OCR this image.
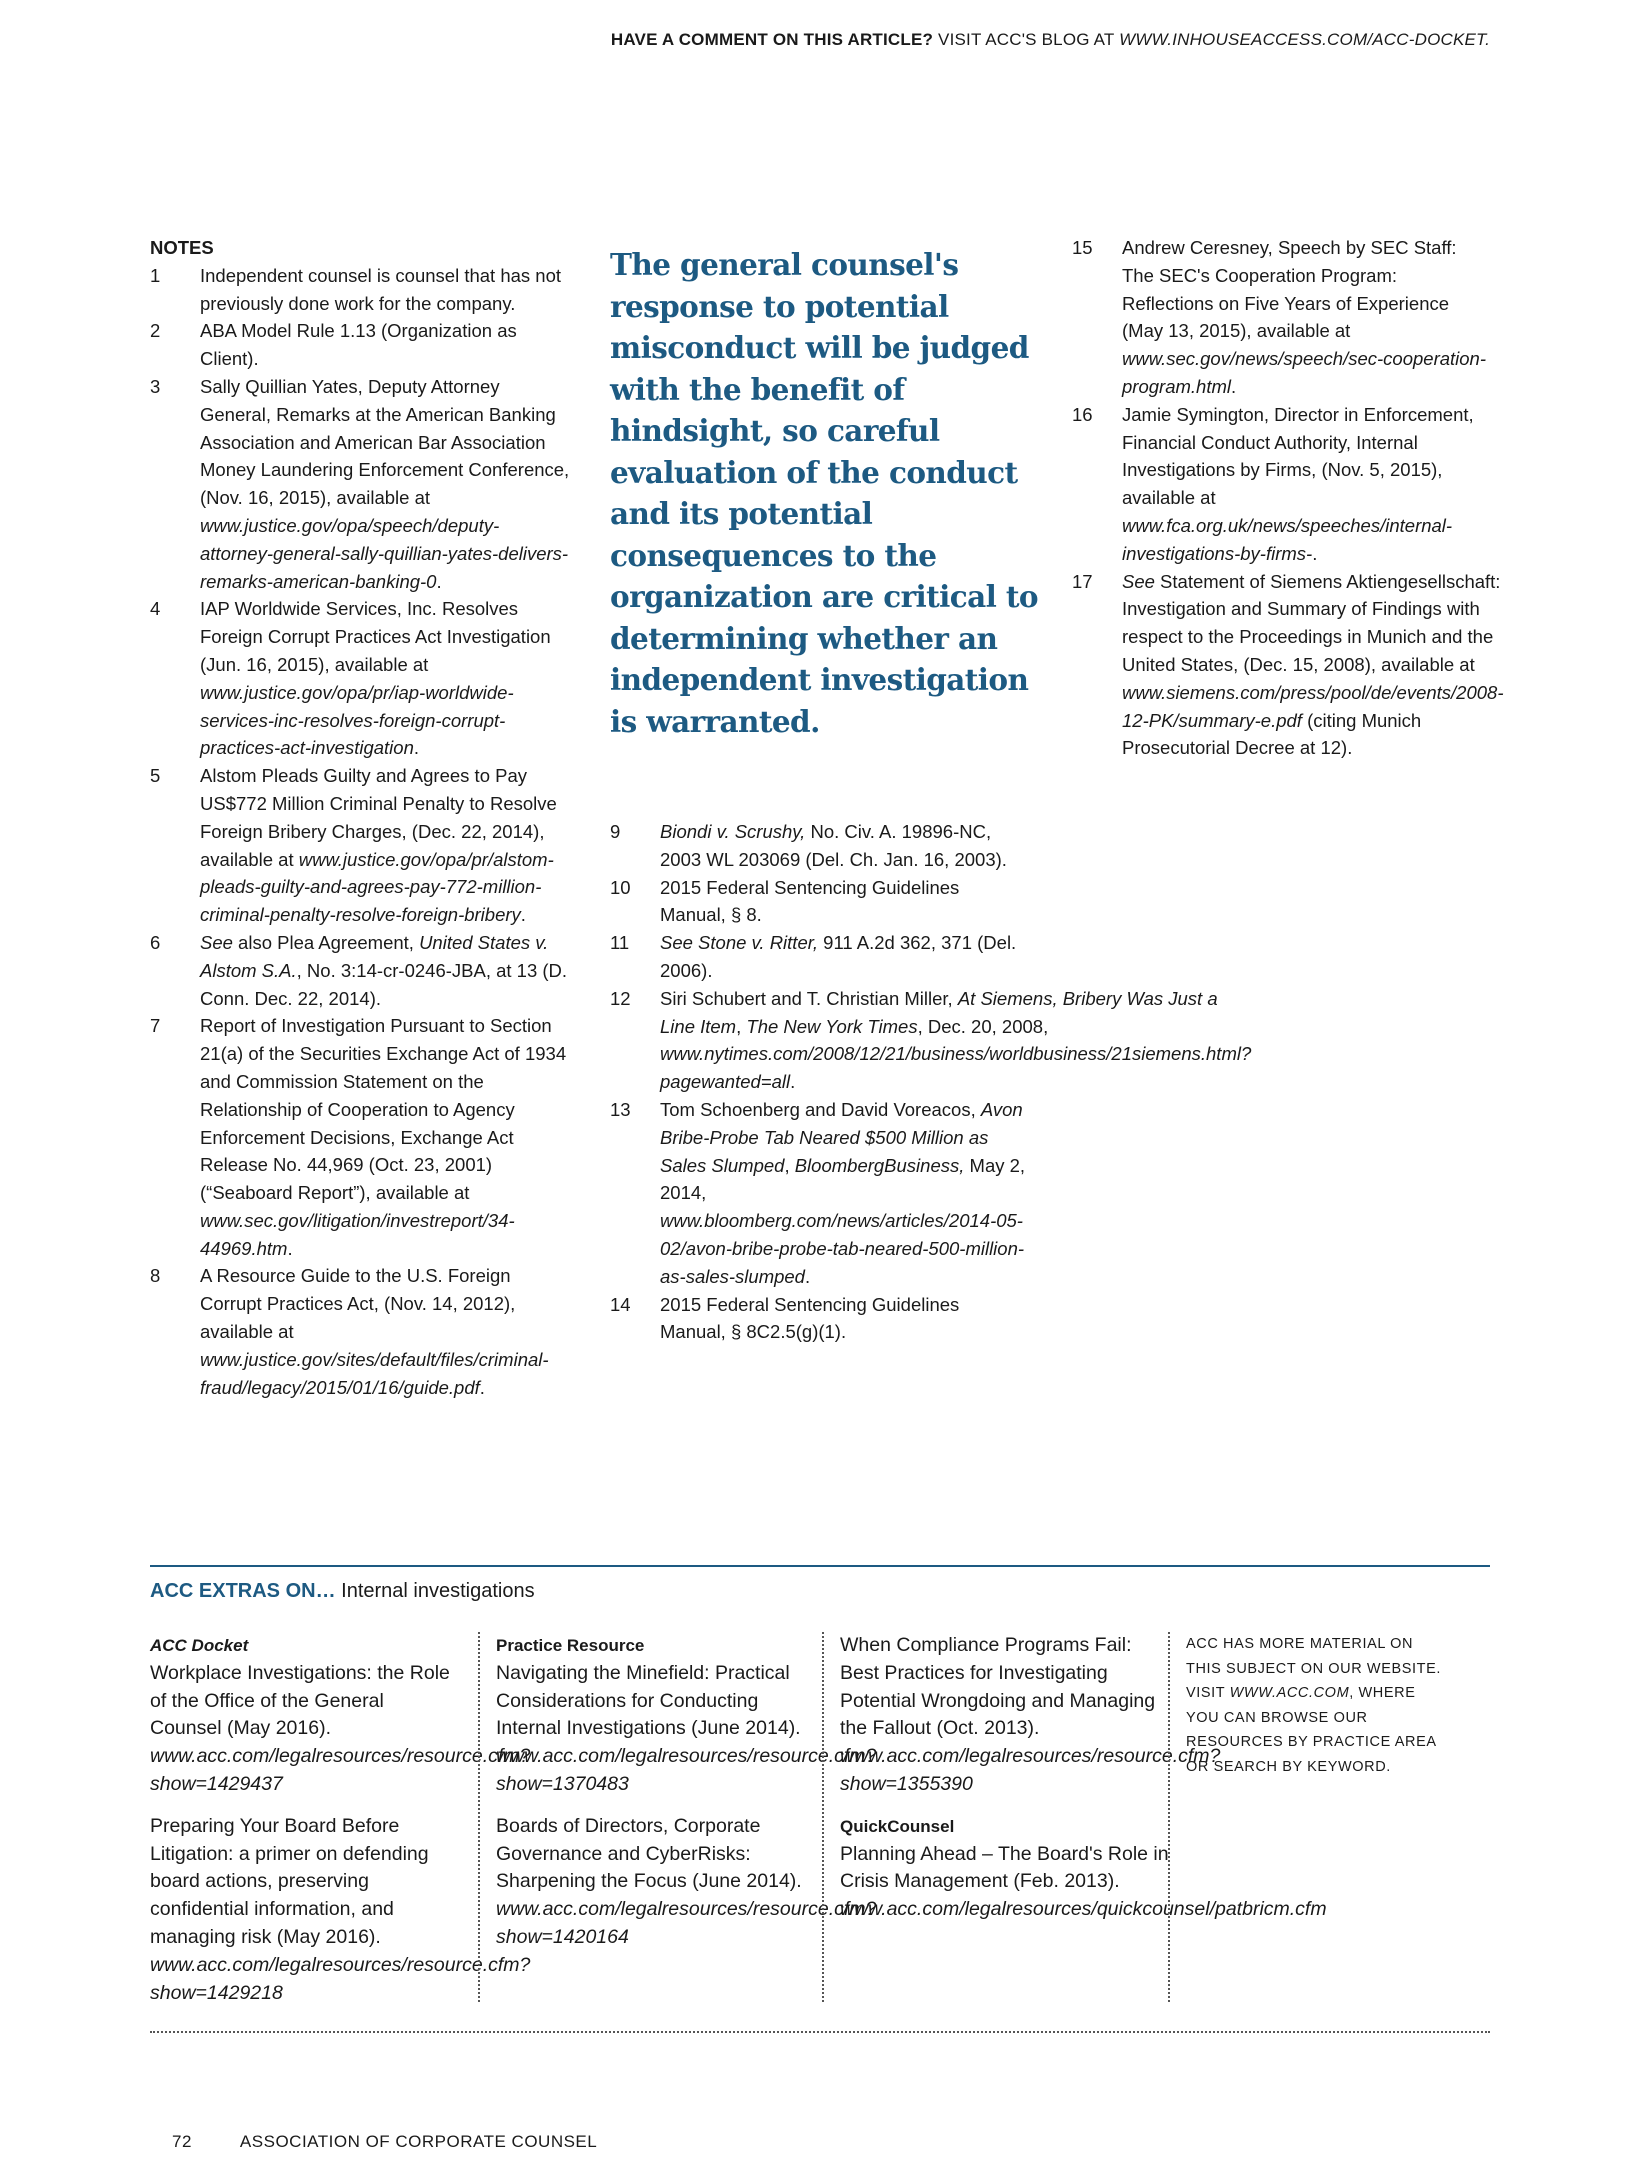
HAVE A COMMENT ON THIS ARTICLE? VISIT ACC'S BLOG AT WWW.INHOUSEACCESS.COM/ACC-DOCKET.
NOTES
1	Independent counsel is counsel that has not previously done work for the company.
2	ABA Model Rule 1.13 (Organization as Client).
3	Sally Quillian Yates, Deputy Attorney General, Remarks at the American Banking Association and American Bar Association Money Laundering Enforcement Conference, (Nov. 16, 2015), available at www.justice.gov/opa/speech/deputy-attorney-general-sally-quillian-yates-delivers-remarks-american-banking-0.
4	IAP Worldwide Services, Inc. Resolves Foreign Corrupt Practices Act Investigation (Jun. 16, 2015), available at www.justice.gov/opa/pr/iap-worldwide-services-inc-resolves-foreign-corrupt-practices-act-investigation.
5	Alstom Pleads Guilty and Agrees to Pay US$772 Million Criminal Penalty to Resolve Foreign Bribery Charges, (Dec. 22, 2014), available at www.justice.gov/opa/pr/alstom-pleads-guilty-and-agrees-pay-772-million-criminal-penalty-resolve-foreign-bribery.
6	See also Plea Agreement, United States v. Alstom S.A., No. 3:14-cr-0246-JBA, at 13 (D. Conn. Dec. 22, 2014).
7	Report of Investigation Pursuant to Section 21(a) of the Securities Exchange Act of 1934 and Commission Statement on the Relationship of Cooperation to Agency Enforcement Decisions, Exchange Act Release No. 44,969 (Oct. 23, 2001) (“Seaboard Report”), available at www.sec.gov/litigation/investreport/34-44969.htm.
8	A Resource Guide to the U.S. Foreign Corrupt Practices Act, (Nov. 14, 2012), available at www.justice.gov/sites/default/files/criminal-fraud/legacy/2015/01/16/guide.pdf.
The general counsel's response to potential misconduct will be judged with the benefit of hindsight, so careful evaluation of the conduct and its potential consequences to the organization are critical to determining whether an independent investigation is warranted.
9	Biondi v. Scrushy, No. Civ. A. 19896-NC, 2003 WL 203069 (Del. Ch. Jan. 16, 2003).
10	2015 Federal Sentencing Guidelines Manual, § 8.
11	See Stone v. Ritter, 911 A.2d 362, 371 (Del. 2006).
12	Siri Schubert and T. Christian Miller, At Siemens, Bribery Was Just a Line Item, The New York Times, Dec. 20, 2008, www.nytimes.com/2008/12/21/business/worldbusiness/21siemens.html?pagewanted=all.
13	Tom Schoenberg and David Voreacos, Avon Bribe-Probe Tab Neared $500 Million as Sales Slumped, BloombergBusiness, May 2, 2014, www.bloomberg.com/news/articles/2014-05-02/avon-bribe-probe-tab-neared-500-million-as-sales-slumped.
14	2015 Federal Sentencing Guidelines Manual, § 8C2.5(g)(1).
15	Andrew Ceresney, Speech by SEC Staff: The SEC's Cooperation Program: Reflections on Five Years of Experience (May 13, 2015), available at www.sec.gov/news/speech/sec-cooperation-program.html.
16	Jamie Symington, Director in Enforcement, Financial Conduct Authority, Internal Investigations by Firms, (Nov. 5, 2015), available at www.fca.org.uk/news/speeches/internal-investigations-by-firms-.
17	See Statement of Siemens Aktiengesellschaft: Investigation and Summary of Findings with respect to the Proceedings in Munich and the United States, (Dec. 15, 2008), available at www.siemens.com/press/pool/de/events/2008-12-PK/summary-e.pdf (citing Munich Prosecutorial Decree at 12).
ACC EXTRAS ON… Internal investigations
ACC Docket
Workplace Investigations: the Role of the Office of the General Counsel (May 2016).
www.acc.com/legalresources/resource.cfm?show=1429437
Preparing Your Board Before Litigation: a primer on defending board actions, preserving confidential information, and managing risk (May 2016).
www.acc.com/legalresources/resource.cfm?show=1429218
Practice Resource
Navigating the Minefield: Practical Considerations for Conducting Internal Investigations (June 2014).
www.acc.com/legalresources/resource.cfm?show=1370483
Boards of Directors, Corporate Governance and CyberRisks: Sharpening the Focus (June 2014).
www.acc.com/legalresources/resource.cfm?show=1420164
When Compliance Programs Fail: Best Practices for Investigating Potential Wrongdoing and Managing the Fallout (Oct. 2013).
www.acc.com/legalresources/resource.cfm?show=1355390
QuickCounsel
Planning Ahead – The Board's Role in Crisis Management (Feb. 2013). www.acc.com/legalresources/quickcounsel/patbricm.cfm
ACC HAS MORE MATERIAL ON THIS SUBJECT ON OUR WEBSITE. VISIT WWW.ACC.COM, WHERE YOU CAN BROWSE OUR RESOURCES BY PRACTICE AREA OR SEARCH BY KEYWORD.
72	ASSOCIATION OF CORPORATE COUNSEL
